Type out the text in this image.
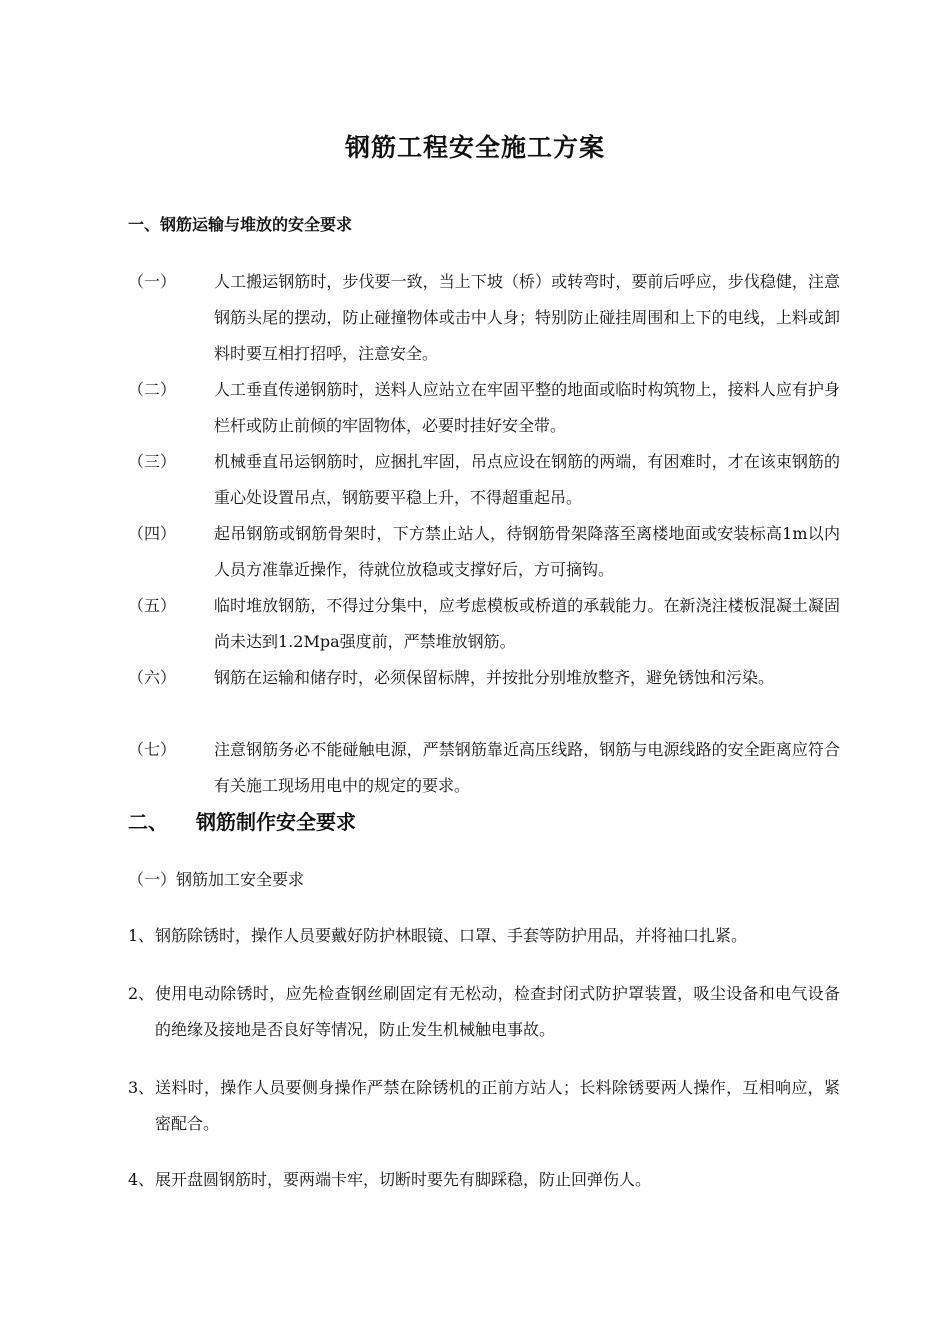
钢筋工程安全施工方案
一、钢筋运输与堆放的安全要求
（一）	人工搬运钢筋时，步伐要一致，当上下坡（桥）或转弯时，要前后呼应，步伐稳健，注意钢筋头尾的摆动，防止碰撞物体或击中人身；特别防止碰挂周围和上下的电线，上料或卸料时要互相打招呼，注意安全。
（二）	人工垂直传递钢筋时，送料人应站立在牢固平整的地面或临时构筑物上，接料人应有护身栏杆或防止前倾的牢固物体，必要时挂好安全带。
（三）	机械垂直吊运钢筋时，应捆扎牢固，吊点应设在钢筋的两端，有困难时，才在该束钢筋的重心处设置吊点，钢筋要平稳上升，不得超重起吊。
（四）	起吊钢筋或钢筋骨架时，下方禁止站人，待钢筋骨架降落至离楼地面或安装标高1m以内人员方准靠近操作，待就位放稳或支撑好后，方可摘钩。
（五）	临时堆放钢筋，不得过分集中，应考虑模板或桥道的承载能力。在新浇注楼板混凝土凝固尚未达到1.2Mpa强度前，严禁堆放钢筋。
（六）	钢筋在运输和储存时，必须保留标牌，并按批分别堆放整齐，避免锈蚀和污染。
（七）	注意钢筋务必不能碰触电源，严禁钢筋靠近高压线路，钢筋与电源线路的安全距离应符合有关施工现场用电中的规定的要求。
二、 钢筋制作安全要求
（一）钢筋加工安全要求
1、 钢筋除锈时，操作人员要戴好防护林眼镜、口罩、手套等防护用品，并将袖口扎紧。
2、 使用电动除锈时，应先检查钢丝刷固定有无松动，检查封闭式防护罩装置，吸尘设备和电气设备的绝缘及接地是否良好等情况，防止发生机械触电事故。
3、 送料时，操作人员要侧身操作严禁在除锈机的正前方站人；长料除锈要两人操作，互相响应，紧密配合。
4、 展开盘圆钢筋时，要两端卡牢，切断时要先有脚踩稳，防止回弹伤人。
